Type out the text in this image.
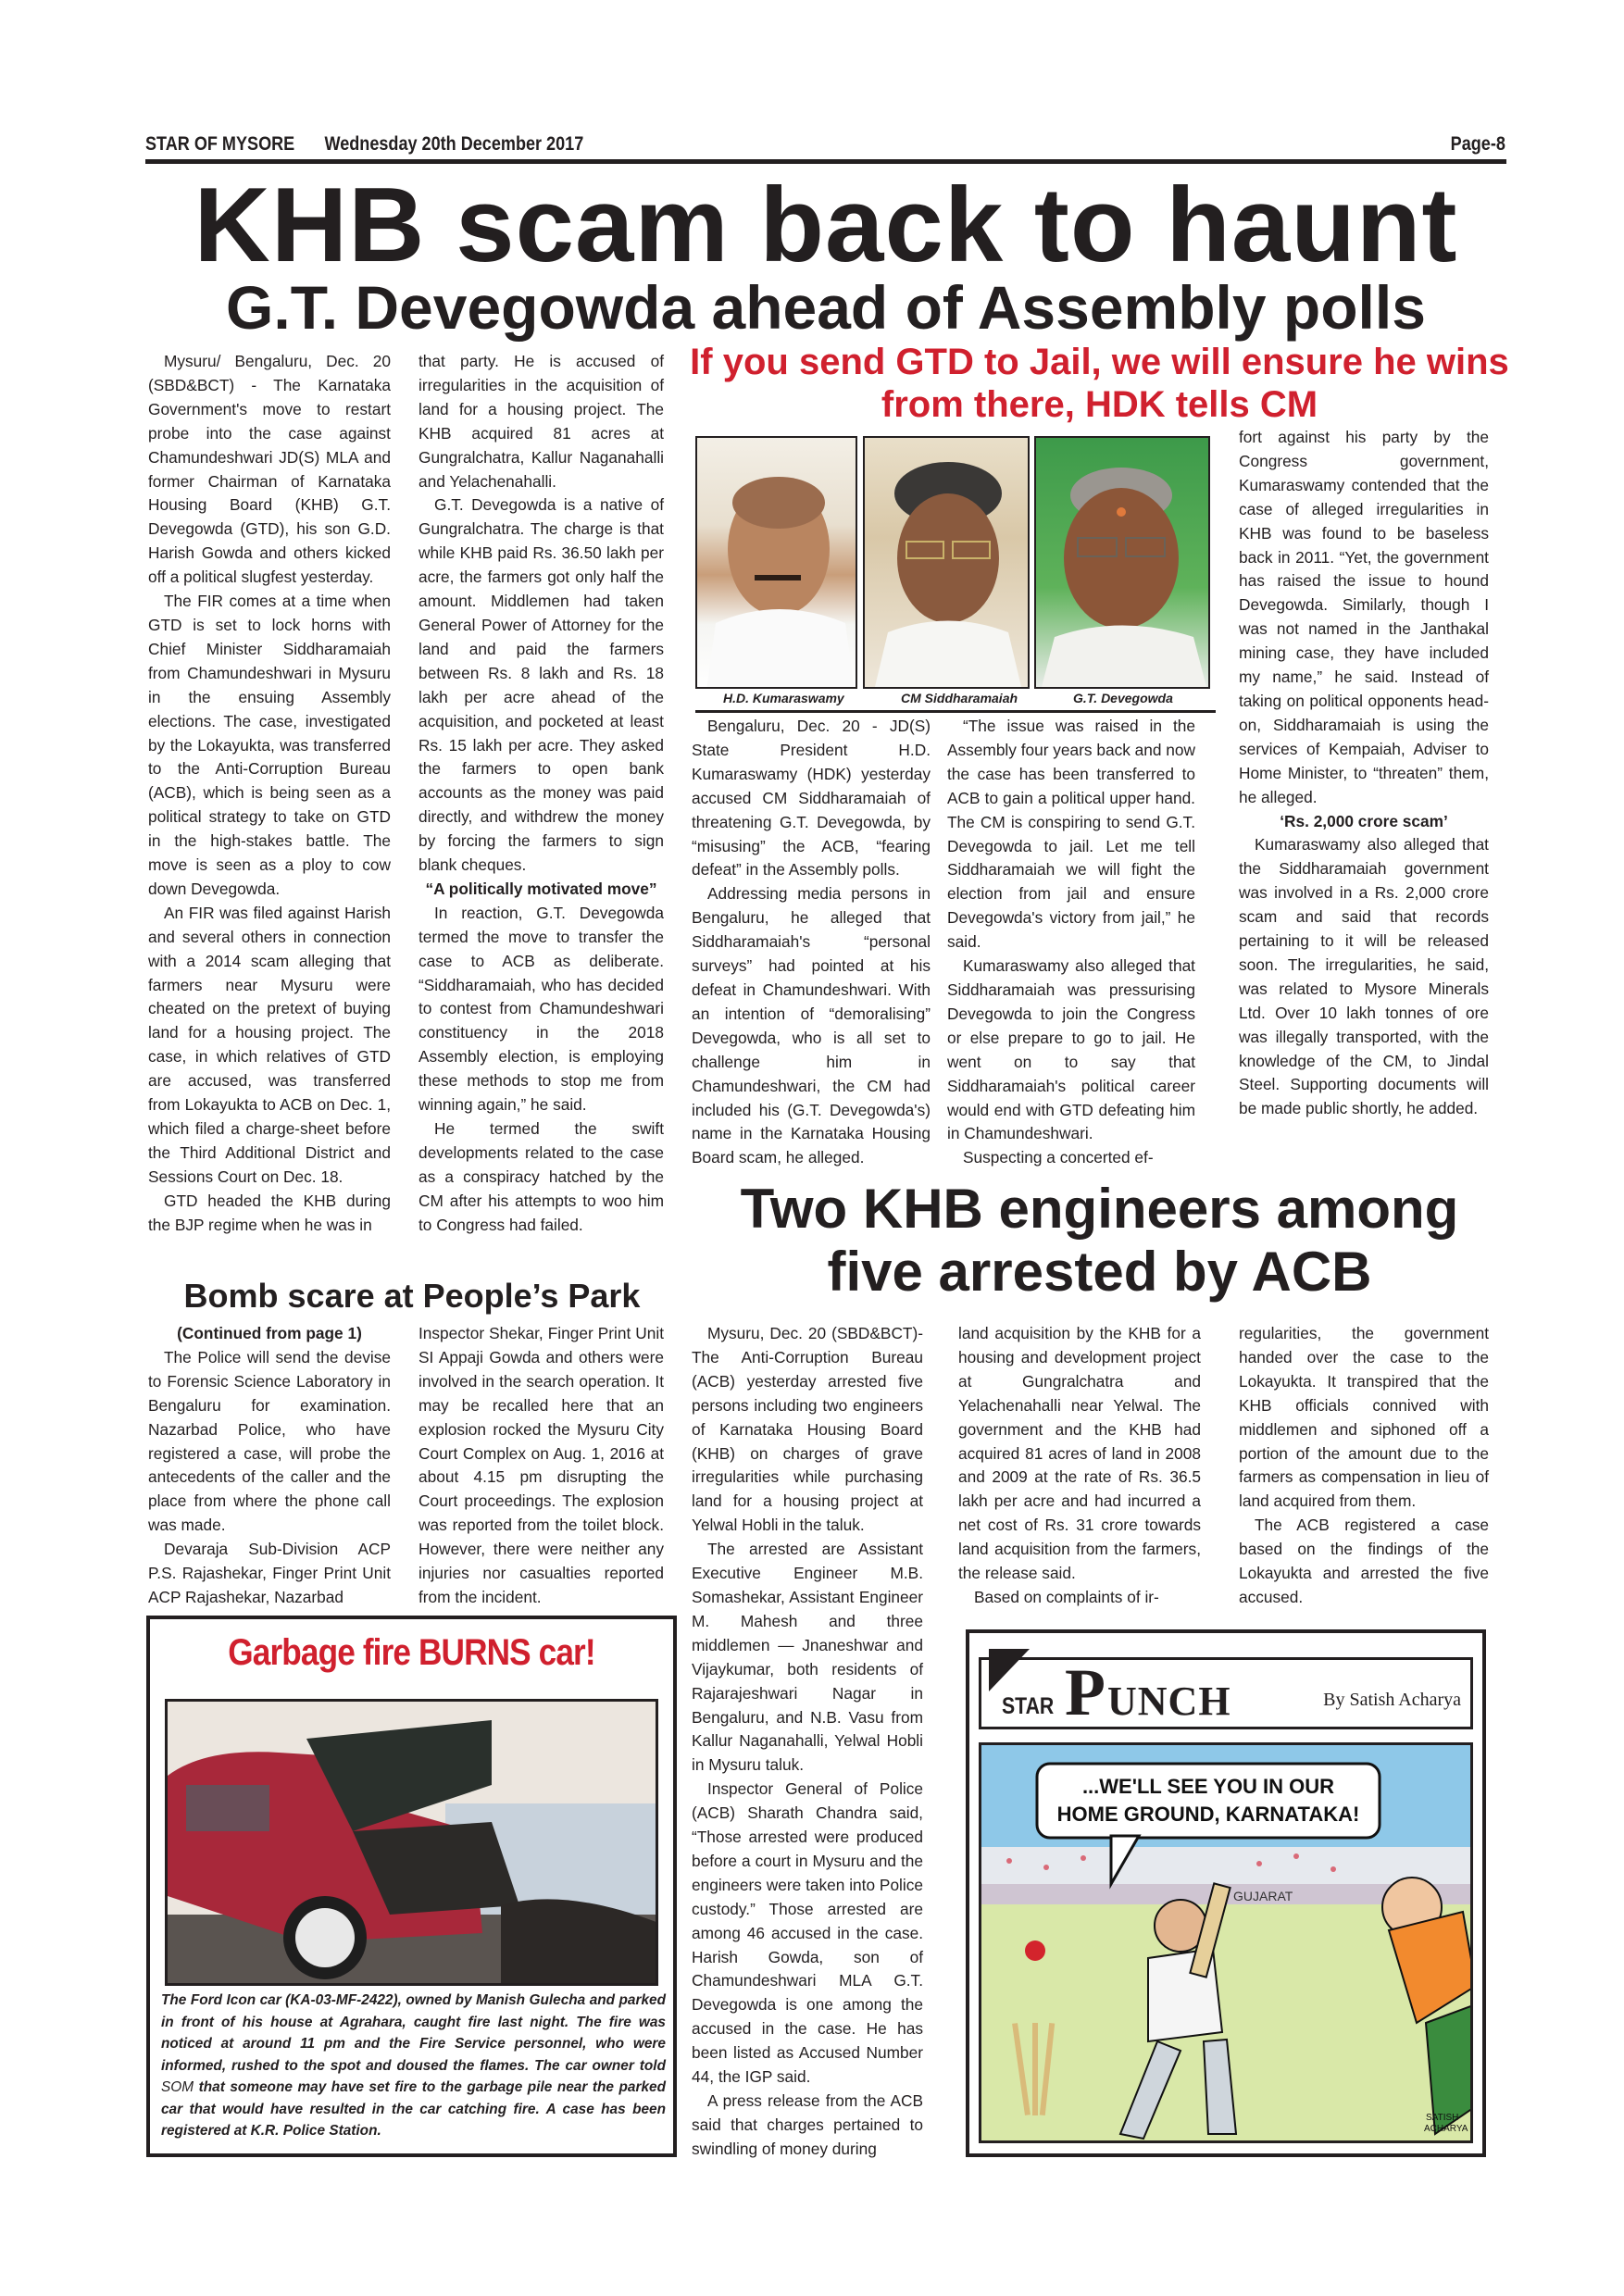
STAR OF MYSORE Wednesday 20th December 2017	Page-8
KHB scam back to haunt
G.T. Devegowda ahead of Assembly polls

Mysuru/ Bengaluru, Dec. 20 (SBD&BCT) - The Karnataka Government's move to restart probe into the case against Chamundeshwari JD(S) MLA and former Chairman of Karnataka Housing Board (KHB) G.T. Devegowda (GTD), his son G.D. Harish Gowda and others kicked off a political slugfest yesterday.

The FIR comes at a time when GTD is set to lock horns with Chief Minister Siddharamaiah from Chamundeshwari in Mysuru in the ensuing Assembly elections. The case, investigated by the Lokayukta, was transferred to the Anti-Corruption Bureau (ACB), which is being seen as a political strategy to take on GTD in the high-stakes battle. The move is seen as a ploy to cow down Devegowda.

An FIR was filed against Harish and several others in connection with a 2014 scam alleging that farmers near Mysuru were cheated on the pretext of buying land for a housing project. The case, in which relatives of GTD are accused, was transferred from Lokayukta to ACB on Dec. 1, which filed a charge-sheet before the Third Additional District and Sessions Court on Dec. 18.

GTD headed the KHB during the BJP regime when he was in

that party. He is accused of irregularities in the acquisition of land for a housing project. The KHB acquired 81 acres at Gungralchatra, Kallur Naganahalli and Yelachenahalli.

G.T. Devegowda is a native of Gungralchatra. The charge is that while KHB paid Rs. 36.50 lakh per acre, the farmers got only half the amount. Middlemen had taken General Power of Attorney for the land and paid the farmers between Rs. 8 lakh and Rs. 18 lakh per acre ahead of the acquisition, and pocketed at least Rs. 15 lakh per acre. They asked the farmers to open bank accounts as the money was paid directly, and withdrew the money by forcing the farmers to sign blank cheques.

“A politically motivated move”

In reaction, G.T. Devegowda termed the move to transfer the case to ACB as deliberate. “Siddharamaiah, who has decided to contest from Chamundeshwari constituency in the 2018 Assembly election, is employing these methods to stop me from winning again,” he said.

He termed the swift developments related to the case as a conspiracy hatched by the CM after his attempts to woo him to Congress had failed.

If you send GTD to Jail, we will ensure he wins from there, HDK tells CM
H.D. Kumaraswamy	CM Siddharamaiah	G.T. Devegowda

Bengaluru, Dec. 20 - JD(S) State President H.D. Kumaraswamy (HDK) yesterday accused CM Siddharamaiah of threatening G.T. Devegowda, by “misusing” the ACB, “fearing defeat” in the Assembly polls.

Addressing media persons in Bengaluru, he alleged that Siddharamaiah's “personal surveys” had pointed at his defeat in Chamundeshwari. With an intention of “demoralising” Devegowda, who is all set to challenge him in Chamundeshwari, the CM had included his (G.T. Devegowda's) name in the Karnataka Housing Board scam, he alleged.

“The issue was raised in the Assembly four years back and now the case has been transferred to ACB to gain a political upper hand. The CM is conspiring to send G.T. Devegowda to jail. Let me tell Siddharamaiah we will fight the election from jail and ensure Devegowda's victory from jail,” he said.

Kumaraswamy also alleged that Siddharamaiah was pressurising Devegowda to join the Congress or else prepare to go to jail. He went on to say that Siddharamaiah's political career would end with GTD defeating him in Chamundeshwari.

Suspecting a concerted ef-

fort against his party by the Congress government, Kumaraswamy contended that the case of alleged irregularities in KHB was found to be baseless back in 2011. “Yet, the government has raised the issue to hound Devegowda. Similarly, though I was not named in the Janthakal mining case, they have included my name,” he said. Instead of taking on political opponents head-on, Siddharamaiah is using the services of Kempaiah, Adviser to Home Minister, to “threaten” them, he alleged.

‘Rs. 2,000 crore scam’

Kumaraswamy also alleged that the Siddharamaiah government was involved in a Rs. 2,000 crore scam and said that records pertaining to it will be released soon. The irregularities, he said, was related to Mysore Minerals Ltd. Over 10 lakh tonnes of ore was illegally transported, with the knowledge of the CM, to Jindal Steel. Supporting documents will be made public shortly, he added.

Two KHB engineers among five arrested by ACB
Bomb scare at People’s Park

(Continued from page 1)

The Police will send the devise to Forensic Science Laboratory in Bengaluru for examination. Nazarbad Police, who have registered a case, will probe the antecedents of the caller and the place from where the phone call was made.

Devaraja Sub-Division ACP P.S. Rajashekar, Finger Print Unit ACP Rajashekar, Nazarbad

Inspector Shekar, Finger Print Unit SI Appaji Gowda and others were involved in the search operation. It may be recalled here that an explosion rocked the Mysuru City Court Complex on Aug. 1, 2016 at about 4.15 pm disrupting the Court proceedings. The explosion was reported from the toilet block. However, there were neither any injuries nor casualties reported from the incident.

Garbage fire BURNS car!
The Ford Icon car (KA-03-MF-2422), owned by Manish Gulecha and parked in front of his house at Agrahara, caught fire last night. The fire was noticed at around 11 pm and the Fire Service personnel, who were informed, rushed to the spot and doused the flames. The car owner told SOM that someone may have set fire to the garbage pile near the parked car that would have resulted in the car catching fire. A case has been registered at K.R. Police Station.

Mysuru, Dec. 20 (SBD&BCT)- The Anti-Corruption Bureau (ACB) yesterday arrested five persons including two engineers of Karnataka Housing Board (KHB) on charges of grave irregularities while purchasing land for a housing project at Yelwal Hobli in the taluk.

The arrested are Assistant Executive Engineer M.B. Somashekar, Assistant Engineer M. Mahesh and three middlemen — Jnaneshwar and Vijaykumar, both residents of Rajarajeshwari Nagar in Bengaluru, and N.B. Vasu from Kallur Naganahalli, Yelwal Hobli in Mysuru taluk.

Inspector General of Police (ACB) Sharath Chandra said, “Those arrested were produced before a court in Mysuru and the engineers were taken into Police custody.” Those arrested are among 46 accused in the case. Harish Gowda, son of Chamundeshwari MLA G.T. Devegowda is one among the accused in the case. He has been listed as Accused Number 44, the IGP said.

A press release from the ACB said that charges pertained to swindling of money during

land acquisition by the KHB for a housing and development project at Gungralchatra and Yelachenahalli near Yelwal. The government and the KHB had acquired 81 acres of land in 2008 and 2009 at the rate of Rs. 36.5 lakh per acre and had incurred a net cost of Rs. 31 crore towards land acquisition from the farmers, the release said.

Based on complaints of ir-

regularities, the government handed over the case to the Lokayukta. It transpired that the KHB officials connived with middlemen and siphoned off a portion of the amount due to the farmers as compensation in lieu of land acquired from them.

The ACB registered a case based on the findings of the Lokayukta and arrested the five accused.

STAR P UNCH	By Satish Acharya
GUJARAT
...WE'LL SEE YOU IN OUR
HOME GROUND, KARNATAKA!
SATISH
ACHARYA
